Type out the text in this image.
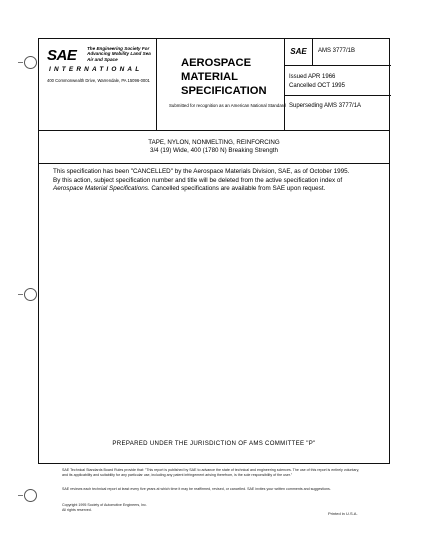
SAE The Engineering Society For Advancing Mobility Land Sea Air and Space
INTERNATIONAL
400 Commonwealth Drive, Warrendale, PA 15096-0001
AEROSPACE
MATERIAL
SPECIFICATION
Submitted for recognition as an American National Standard
SAE	AMS 3777/1B
Issued APR 1966
Cancelled OCT 1995
Superseding AMS 3777/1A
TAPE, NYLON, NONMELTING, REINFORCING
3/4 (19) Wide, 400 (1780 N) Breaking Strength
This specification has been "CANCELLED" by the Aerospace Materials Division, SAE, as of October 1995. By this action, subject specification number and title will be deleted from the active specification index of Aerospace Material Specifications. Cancelled specifications are available from SAE upon request.
PREPARED UNDER THE JURISDICTION OF AMS COMMITTEE "P"
SAE Technical Standards Board Rules provide that: "This report is published by SAE to advance the state of technical and engineering sciences. The use of this report is entirely voluntary, and its applicability and suitability for any particular use, including any patent infringement arising therefrom, is the sole responsibility of the user."
SAE reviews each technical report at least every five years at which time it may be reaffirmed, revised, or cancelled. SAE invites your written comments and suggestions.
Copyright 1995 Society of Automotive Engineers, Inc.
All rights reserved.
Printed in U.S.A.
